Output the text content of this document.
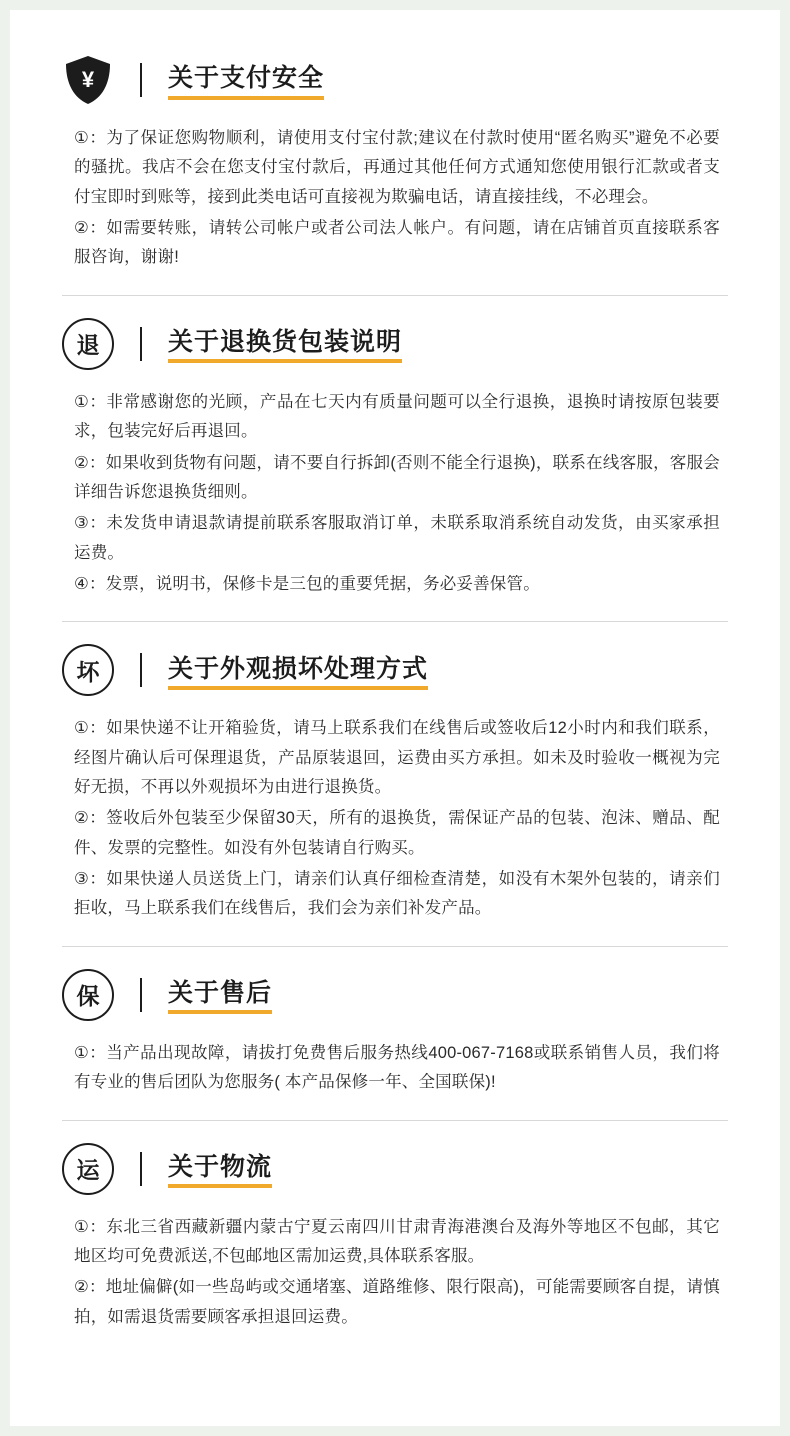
¥	关于支付安全

①：为了保证您购物顺利，请使用支付宝付款;建议在付款时使用“匿名购买”避免不必要的骚扰。我店不会在您支付宝付款后，再通过其他任何方式通知您使用银行汇款或者支付宝即时到账等，接到此类电话可直接视为欺骗电话，请直接挂线，不必理会。

②：如需要转账，请转公司帐户或者公司法人帐户。有问题，请在店铺首页直接联系客服咨询，谢谢!

退	关于退换货包装说明

①：非常感谢您的光顾，产品在七天内有质量问题可以全行退换，退换时请按原包装要求，包装完好后再退回。

②：如果收到货物有问题，请不要自行拆卸(否则不能全行退换)，联系在线客服，客服会详细告诉您退换货细则。

③：未发货申请退款请提前联系客服取消订单，未联系取消系统自动发货，由买家承担运费。

④：发票，说明书，保修卡是三包的重要凭据，务必妥善保管。

坏	关于外观损坏处理方式

①：如果快递不让开箱验货，请马上联系我们在线售后或签收后12小时内和我们联系，经图片确认后可保理退货，产品原装退回，运费由买方承担。如未及时验收一概视为完好无损，不再以外观损坏为由进行退换货。

②：签收后外包装至少保留30天，所有的退换货，需保证产品的包装、泡沫、赠品、配件、发票的完整性。如没有外包装请自行购买。

③：如果快递人员送货上门，请亲们认真仔细检查清楚，如没有木架外包装的，请亲们拒收，马上联系我们在线售后，我们会为亲们补发产品。

保	关于售后

①：当产品出现故障，请拔打免费售后服务热线400-067-7168或联系销售人员，我们将有专业的售后团队为您服务( 本产品保修一年、全国联保)!

运	关于物流

①：东北三省西藏新疆内蒙古宁夏云南四川甘肃青海港澳台及海外等地区不包邮，其它地区均可免费派送,不包邮地区需加运费,具体联系客服。

②：地址偏僻(如一些岛屿或交通堵塞、道路维修、限行限高)，可能需要顾客自提，请慎拍，如需退货需要顾客承担退回运费。
